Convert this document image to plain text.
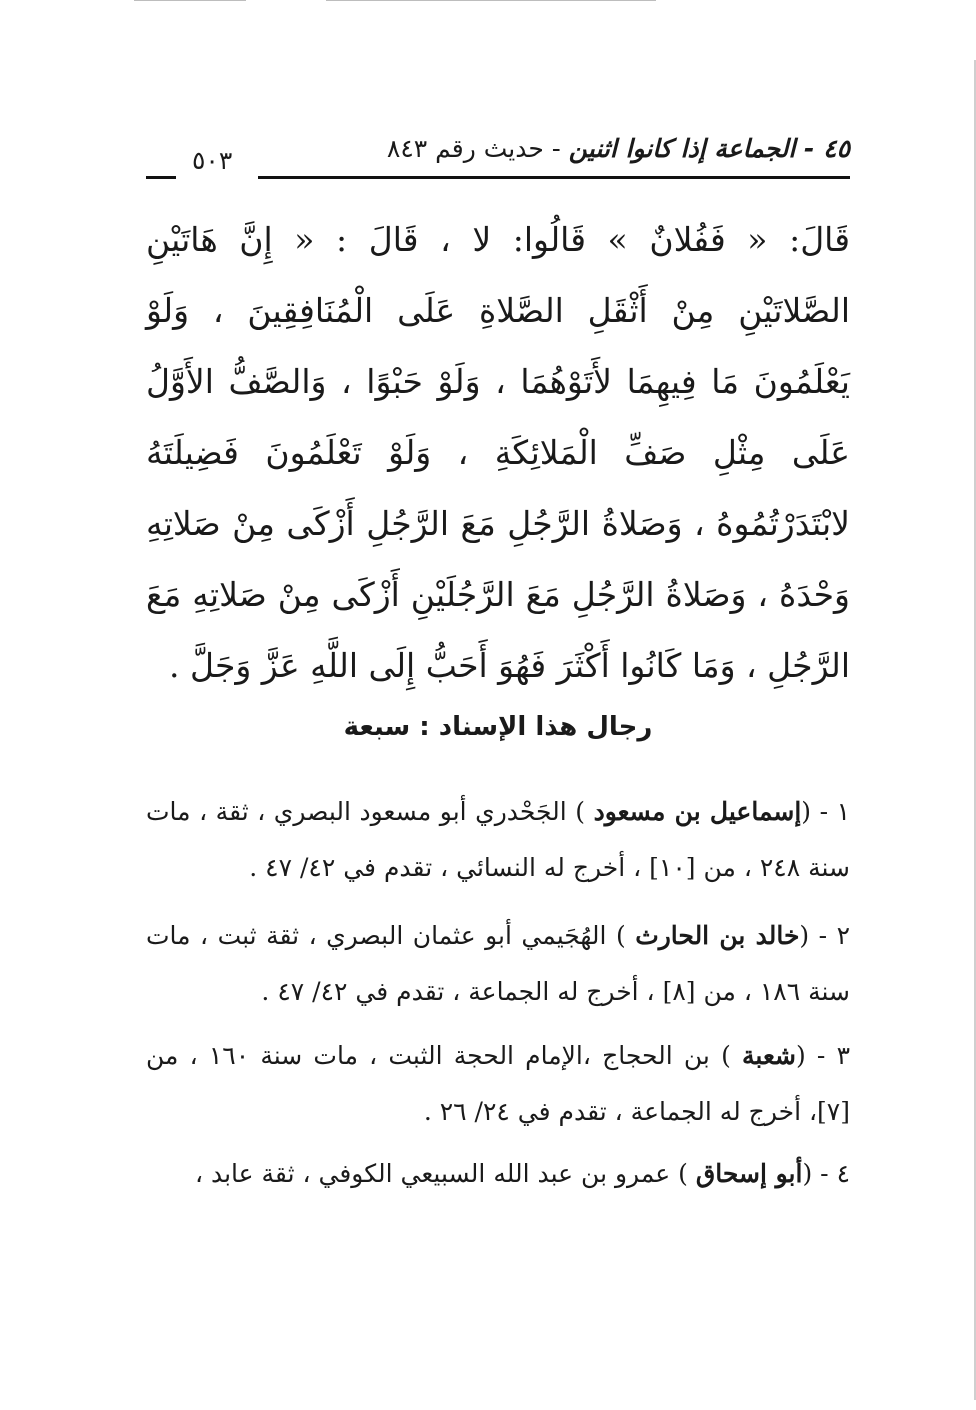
٤٥ - الجماعة إذا كانوا اثنين - حديث رقم ٨٤٣
٥٠٣

قَالَ: « فَفُلانٌ » قَالُوا: لا ، قَالَ : « إِنَّ هَاتَيْنِ الصَّلاتَيْنِ مِنْ أَثْقَلِ الصَّلاةِ عَلَى الْمُنَافِقِينَ ، وَلَوْ يَعْلَمُونَ مَا فِيهِمَا لأَتَوْهُمَا ، وَلَوْ حَبْوًا ، وَالصَّفُّ الأَوَّلُ عَلَى مِثْلِ صَفِّ الْمَلائِكَةِ ، وَلَوْ تَعْلَمُونَ فَضِيلَتَهُ لابْتَدَرْتُمُوهُ ، وَصَلاةُ الرَّجُلِ مَعَ الرَّجُلِ أَزْكَى مِنْ صَلاتِهِ وَحْدَهُ ، وَصَلاةُ الرَّجُلِ مَعَ الرَّجُلَيْنِ أَزْكَى مِنْ صَلاتِهِ مَعَ الرَّجُلِ ، وَمَا كَانُوا أَكْثَرَ فَهُوَ أَحَبُّ إِلَى اللَّهِ عَزَّ وَجَلَّ .

رجال هذا الإسناد : سبعة

١ - (إسماعيل بن مسعود ) الجَحْدري أبو مسعود البصري ، ثقة ، مات سنة ٢٤٨ ، من [١٠] ، أخرج له النسائي ، تقدم في ٤٢/ ٤٧ .

٢ - (خالد بن الحارث ) الهُجَيمي أبو عثمان البصري ، ثقة ثبت ، مات سنة ١٨٦ ، من [٨] ، أخرج له الجماعة ، تقدم في ٤٢/ ٤٧ .

٣ - (شعبة ) بن الحجاج ،الإمام الحجة الثبت ، مات سنة ١٦٠ ، من [٧]، أخرج له الجماعة ، تقدم في ٢٤/ ٢٦ .

٤ - (أبو إسحاق ) عمرو بن عبد الله السبيعي الكوفي ، ثقة عابد ،
